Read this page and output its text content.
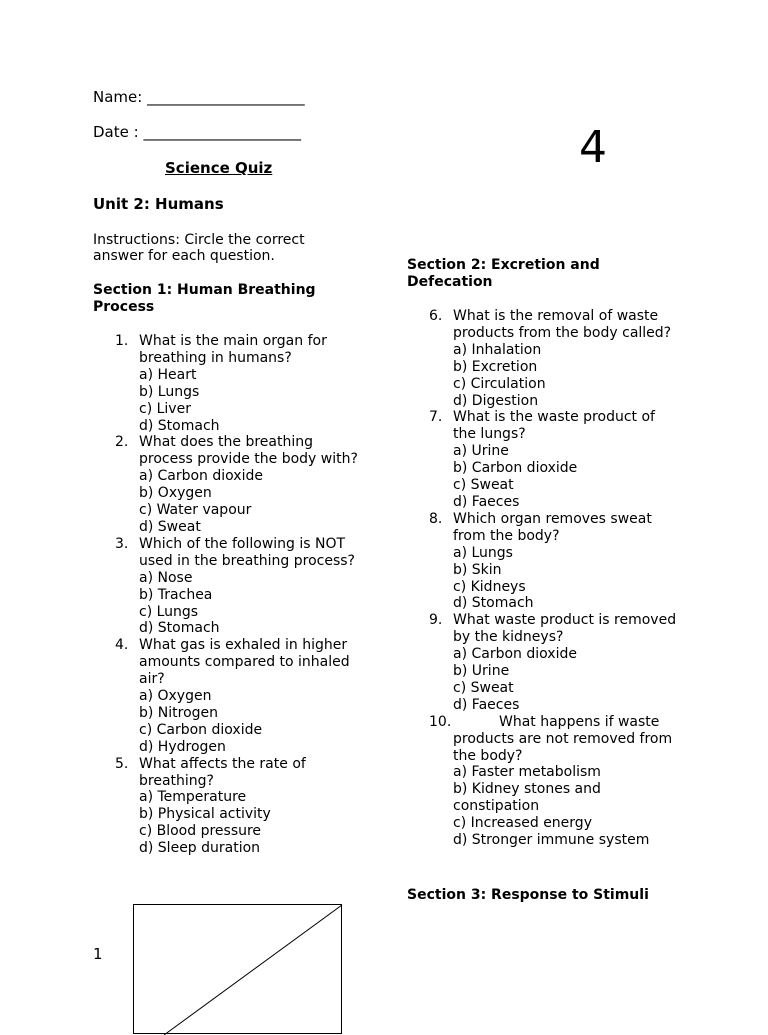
Name: _____________________
Date : _____________________	4
Science Quiz
Unit 2: Humans
Instructions: Circle the correct answer for each question.
Section 1: Human Breathing Process
1. What is the main organ for breathing in humans?
a) Heart
b) Lungs
c) Liver
d) Stomach
2. What does the breathing process provide the body with?
a) Carbon dioxide
b) Oxygen
c) Water vapour
d) Sweat
3. Which of the following is NOT used in the breathing process?
a) Nose
b) Trachea
c) Lungs
d) Stomach
4. What gas is exhaled in higher amounts compared to inhaled air?
a) Oxygen
b) Nitrogen
c) Carbon dioxide
d) Hydrogen
5. What affects the rate of breathing?
a) Temperature
b) Physical activity
c) Blood pressure
d) Sleep duration
Section 2: Excretion and Defecation
6. What is the removal of waste products from the body called?
a) Inhalation
b) Excretion
c) Circulation
d) Digestion
7. What is the waste product of the lungs?
a) Urine
b) Carbon dioxide
c) Sweat
d) Faeces
8. Which organ removes sweat from the body?
a) Lungs
b) Skin
c) Kidneys
d) Stomach
9. What waste product is removed by the kidneys?
a) Carbon dioxide
b) Urine
c) Sweat
d) Faeces
10.	What happens if waste products are not removed from the body?
a) Faster metabolism
b) Kidney stones and constipation
c) Increased energy
d) Stronger immune system
Section 3: Response to Stimuli
1
